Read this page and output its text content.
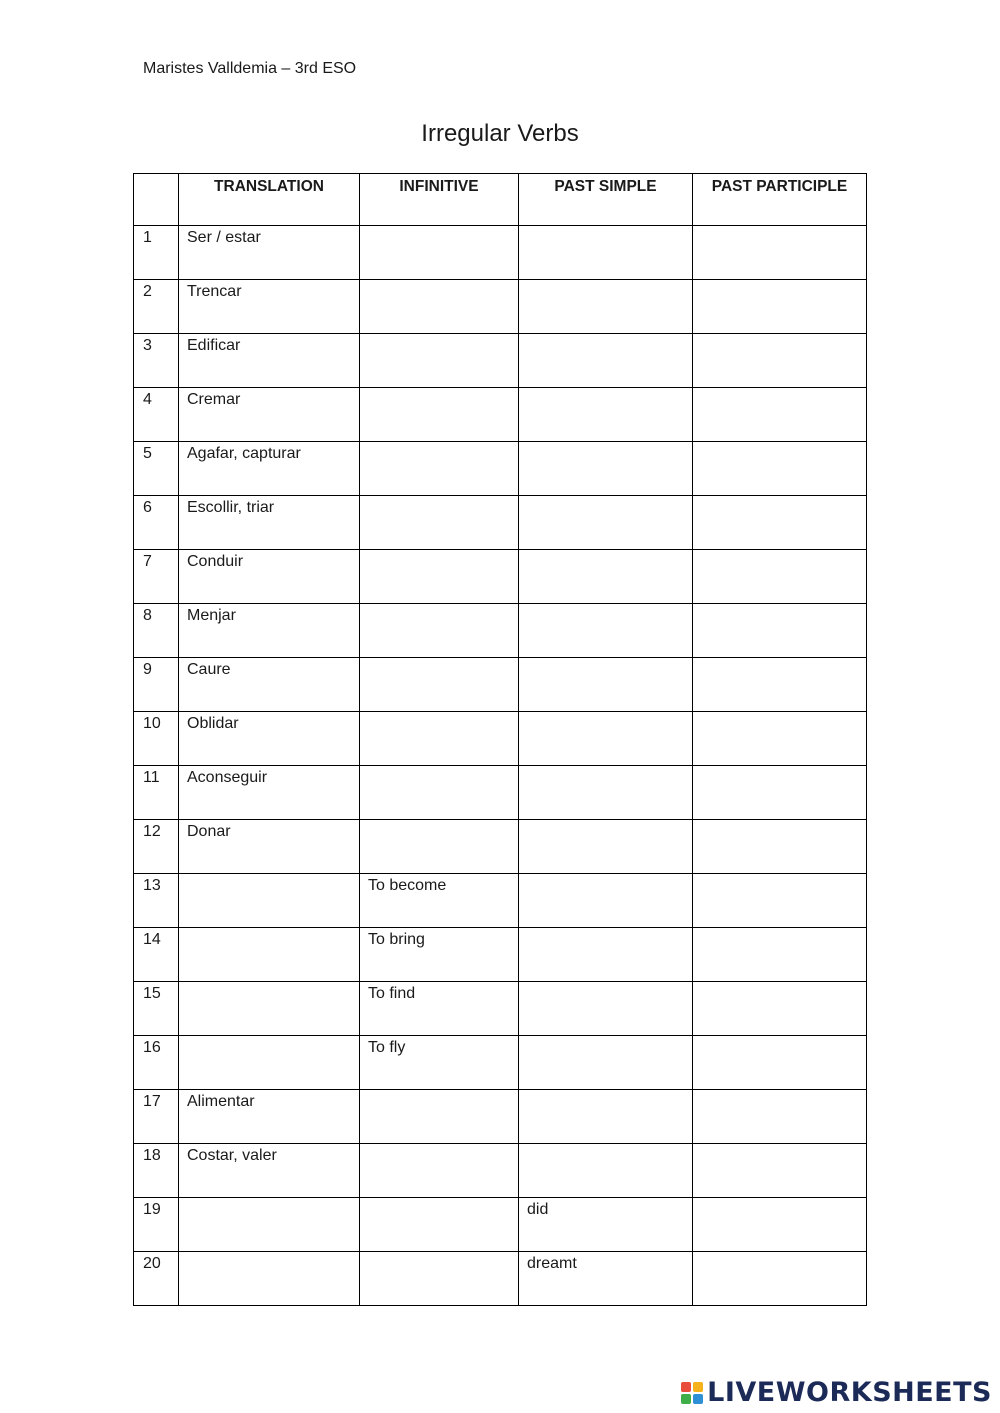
Maristes Valldemia – 3rd ESO
Irregular Verbs
	TRANSLATION	INFINITIVE	PAST SIMPLE	PAST PARTICIPLE
1	Ser / estar			
2	Trencar			
3	Edificar			
4	Cremar			
5	Agafar, capturar			
6	Escollir, triar			
7	Conduir			
8	Menjar			
9	Caure			
10	Oblidar			
11	Aconseguir			
12	Donar			
13		To become		
14		To bring		
15		To find		
16		To fly		
17	Alimentar			
18	Costar, valer			
19			did	
20			dreamt	
LIVEWORKSHEETS
